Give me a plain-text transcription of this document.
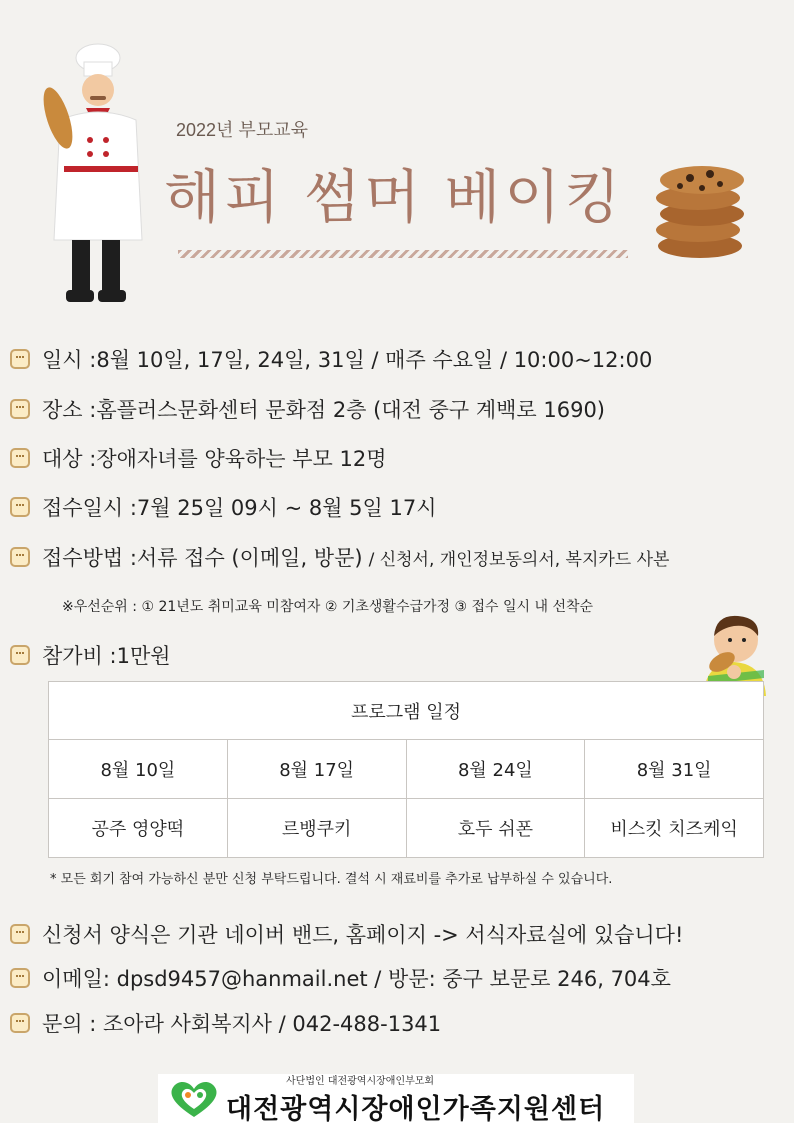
2022년 부모교육
해피 썸머 베이킹
일시 : 8월 10일, 17일, 24일, 31일 / 매주 수요일 / 10:00~12:00
장소 : 홈플러스문화센터 문화점 2층 (대전 중구 계백로 1690)
대상 : 장애자녀를 양육하는 부모 12명
접수일시 : 7월 25일 09시 ~ 8월 5일 17시
접수방법 : 서류 접수 (이메일, 방문) / 신청서, 개인정보동의서, 복지카드 사본
※우선순위 : ① 21년도 취미교육 미참여자 ② 기초생활수급가정 ③ 접수 일시 내 선착순
참가비 : 1만원
프로그램 일정			
8월 10일	8월 17일	8월 24일	8월 31일
공주 영양떡	르뱅쿠키	호두 쉬폰	비스킷 치즈케익
* 모든 회기 참여 가능하신 분만 신청 부탁드립니다. 결석 시 재료비를 추가로 납부하실 수 있습니다.
신청서 양식은 기관 네이버 밴드, 홈페이지 -> 서식자료실에 있습니다!
이메일: dpsd9457@hanmail.net / 방문: 중구 보문로 246, 704호
문의 : 조아라 사회복지사 / 042-488-1341
사단법인 대전광역시장애인부모회
대전광역시장애인가족지원센터
